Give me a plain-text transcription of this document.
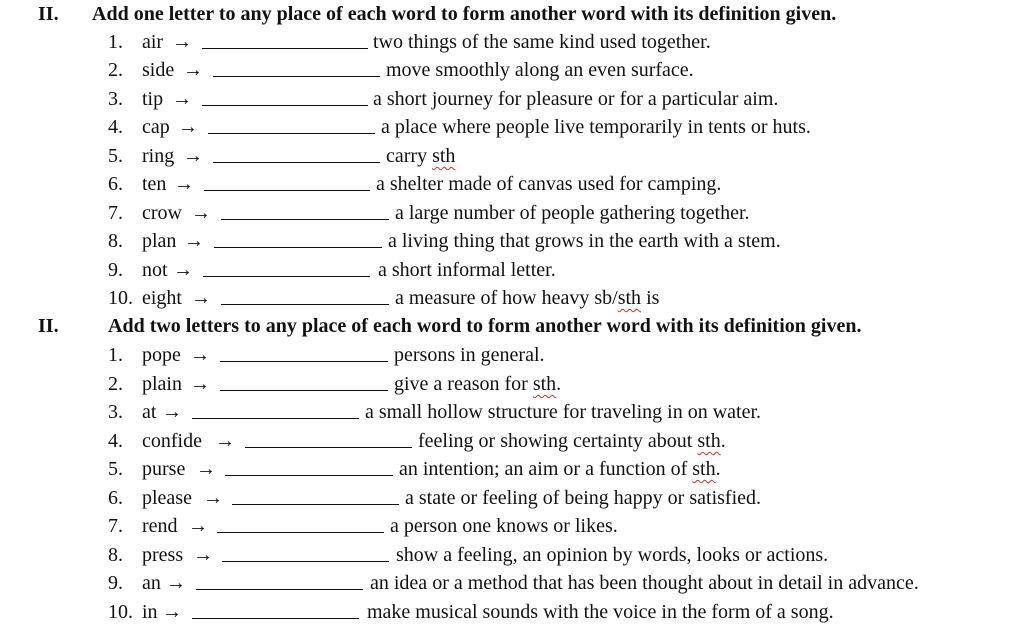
II. Add one letter to any place of each word to form another word with its definition given.
1. air →	two things of the same kind used together.
2. side →	move smoothly along an even surface.
3. tip →	a short journey for pleasure or for a particular aim.
4. cap →	a place where people live temporarily in tents or huts.
5. ring →	carry sth
6. ten →	a shelter made of canvas used for camping.
7. crow →	a large number of people gathering together.
8. plan →	a living thing that grows in the earth with a stem.
9. not →	a short informal letter.
10. eight →	a measure of how heavy sb/sth is
II. Add two letters to any place of each word to form another word with its definition given.
1. pope →	persons in general.
2. plain →	give a reason for sth.
3. at →	a small hollow structure for traveling in on water.
4. confide →	feeling or showing certainty about sth.
5. purse →	an intention; an aim or a function of sth.
6. please →	a state or feeling of being happy or satisfied.
7. rend →	a person one knows or likes.
8. press →	show a feeling, an opinion by words, looks or actions.
9. an →	an idea or a method that has been thought about in detail in advance.
10. in →	make musical sounds with the voice in the form of a song.
